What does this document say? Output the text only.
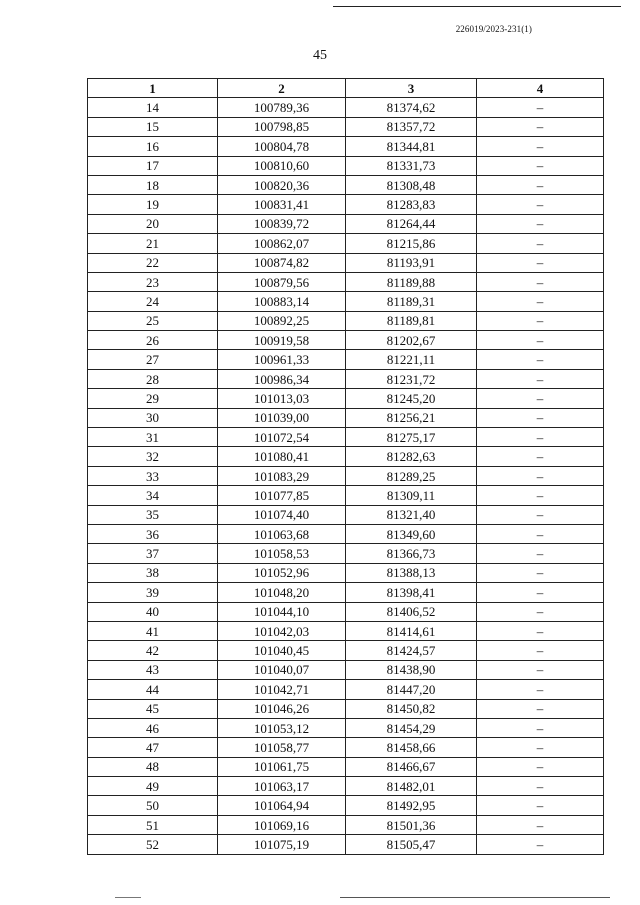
226019/2023-231(1)
45
1	2	3	4
14	100789,36	81374,62	–
15	100798,85	81357,72	–
16	100804,78	81344,81	–
17	100810,60	81331,73	–
18	100820,36	81308,48	–
19	100831,41	81283,83	–
20	100839,72	81264,44	–
21	100862,07	81215,86	–
22	100874,82	81193,91	–
23	100879,56	81189,88	–
24	100883,14	81189,31	–
25	100892,25	81189,81	–
26	100919,58	81202,67	–
27	100961,33	81221,11	–
28	100986,34	81231,72	–
29	101013,03	81245,20	–
30	101039,00	81256,21	–
31	101072,54	81275,17	–
32	101080,41	81282,63	–
33	101083,29	81289,25	–
34	101077,85	81309,11	–
35	101074,40	81321,40	–
36	101063,68	81349,60	–
37	101058,53	81366,73	–
38	101052,96	81388,13	–
39	101048,20	81398,41	–
40	101044,10	81406,52	–
41	101042,03	81414,61	–
42	101040,45	81424,57	–
43	101040,07	81438,90	–
44	101042,71	81447,20	–
45	101046,26	81450,82	–
46	101053,12	81454,29	–
47	101058,77	81458,66	–
48	101061,75	81466,67	–
49	101063,17	81482,01	–
50	101064,94	81492,95	–
51	101069,16	81501,36	–
52	101075,19	81505,47	–
